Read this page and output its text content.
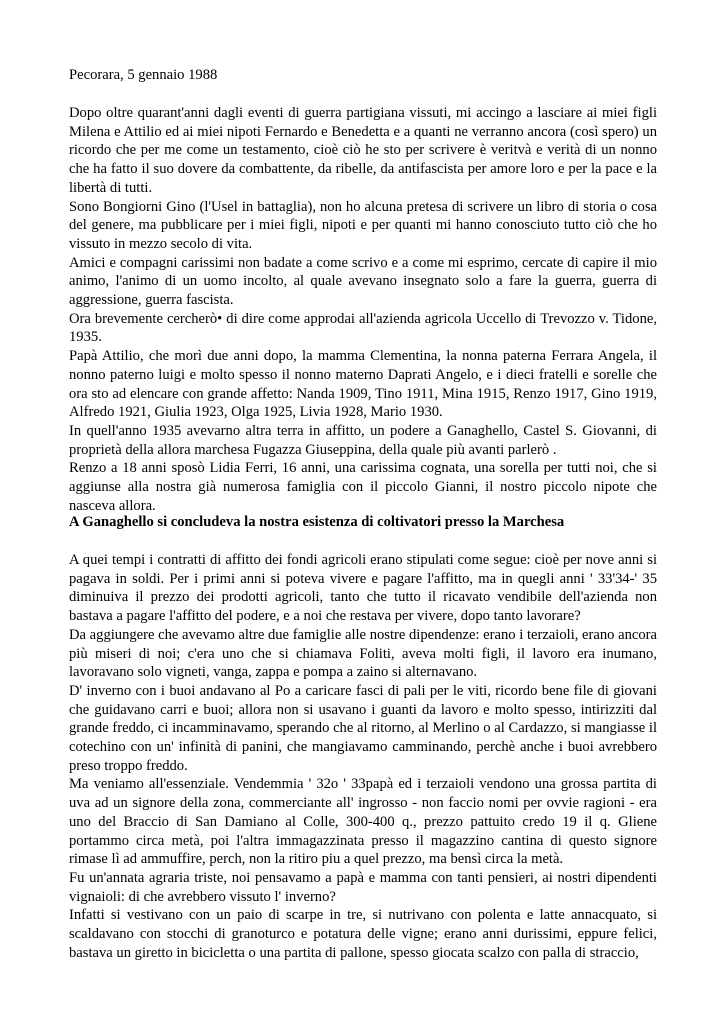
Pecorara, 5 gennaio 1988

Dopo oltre quarant'anni dagli eventi di guerra partigiana vissuti, mi accingo a lasciare ai miei figli Milena e Attilio ed ai miei nipoti Fernardo e Benedetta e a quanti ne verranno ancora (così spero) un ricordo che per me come un testamento, cioè ciò he sto per scrivere è veritvà e verità di un nonno che ha fatto il suo dovere da combattente, da ribelle, da antifascista per amore loro e per la pace e la libertà di tutti.

Sono Bongiorni Gino (l'Usel in battaglia), non ho alcuna pretesa di scrivere un libro di storia o cosa del genere, ma pubblicare per i miei figli, nipoti e per quanti mi hanno conosciuto tutto ciò che ho vissuto in mezzo secolo di vita.

Amici e compagni carissimi non badate a come scrivo e a come mi esprimo, cercate di capire il mio animo, l'animo di un uomo incolto, al quale avevano insegnato solo a fare la guerra, guerra di aggressione, guerra fascista.

Ora brevemente cercherò• di dire come approdai all'azienda agricola Uccello di Trevozzo v. Tidone, 1935.

Papà Attilio, che morì due anni dopo, la mamma Clementina, la nonna paterna Ferrara Angela, il nonno paterno luigi e molto spesso il nonno materno Daprati Angelo, e i dieci fratelli e sorelle che ora sto ad elencare con grande affetto: Nanda 1909, Tino 1911, Mina 1915, Renzo 1917, Gino 1919, Alfredo 1921, Giulia 1923, Olga 1925, Livia 1928, Mario 1930.

In quell'anno 1935 avevarno altra terra in affitto, un podere a Ganaghello, Castel S. Giovanni, di proprietà della allora marchesa Fugazza Giuseppina, della quale più avanti parlerò .

Renzo a 18 anni sposò Lidia Ferri, 16 anni, una carissima cognata, una sorella per tutti noi, che si aggiunse alla nostra già numerosa famiglia con il piccolo Gianni, il nostro piccolo nipote che nasceva allora.

A Ganaghello si concludeva la nostra esistenza di coltivatori presso la Marchesa

A quei tempi i contratti di affitto dei fondi agricoli erano stipulati come segue: cioè per nove anni si pagava in soldi. Per i primi anni si poteva vivere e pagare l'affitto, ma in quegli anni ' 33'34-' 35 diminuiva il prezzo dei prodotti agricoli, tanto che tutto il ricavato vendibile dell'azienda non bastava a pagare l'affitto del podere, e a noi che restava per vivere, dopo tanto lavorare?

Da aggiungere che avevamo altre due famiglie alle nostre dipendenze: erano i terzaioli, erano ancora più miseri di noi; c'era uno che si chiamava Foliti, aveva molti figli, il lavoro era inumano, lavoravano solo vigneti, vanga, zappa e pompa a zaino si alternavano.

D' inverno con i buoi andavano al Po a caricare fasci di pali per le viti, ricordo bene file di giovani che guidavano carri e buoi; allora non si usavano i guanti da lavoro e molto spesso, intirizziti dal grande freddo, ci incamminavamo, sperando che al ritorno, al Merlino o al Cardazzo, si mangiasse il cotechino con un' infinità di panini, che mangiavamo camminando, perchè anche i buoi avrebbero preso troppo freddo.

Ma veniamo all'essenziale. Vendemmia ' 32o ' 33papà ed i terzaioli vendono una grossa partita di uva ad un signore della zona, commerciante all' ingrosso - non faccio nomi per ovvie ragioni - era uno del Braccio di San Damiano al Colle, 300-400 q., prezzo pattuito credo 19 il q. Gliene portammo circa metà, poi l'altra immagazzinata presso il magazzino cantina di questo signore rimase lì ad ammuffire, perch, non la ritiro piu a quel prezzo, ma bensì circa la metà.

Fu un'annata agraria triste, noi pensavamo a papà e mamma con tanti pensieri, ai nostri dipendenti vignaioli: di che avrebbero vissuto l' inverno?

Infatti si vestivano con un paio di scarpe in tre, si nutrivano con polenta e latte annacquato, si scaldavano con stocchi di granoturco e potatura delle vigne; erano anni durissimi, eppure felici, bastava un giretto in bicicletta o una partita di pallone, spesso giocata scalzo con palla di straccio,
